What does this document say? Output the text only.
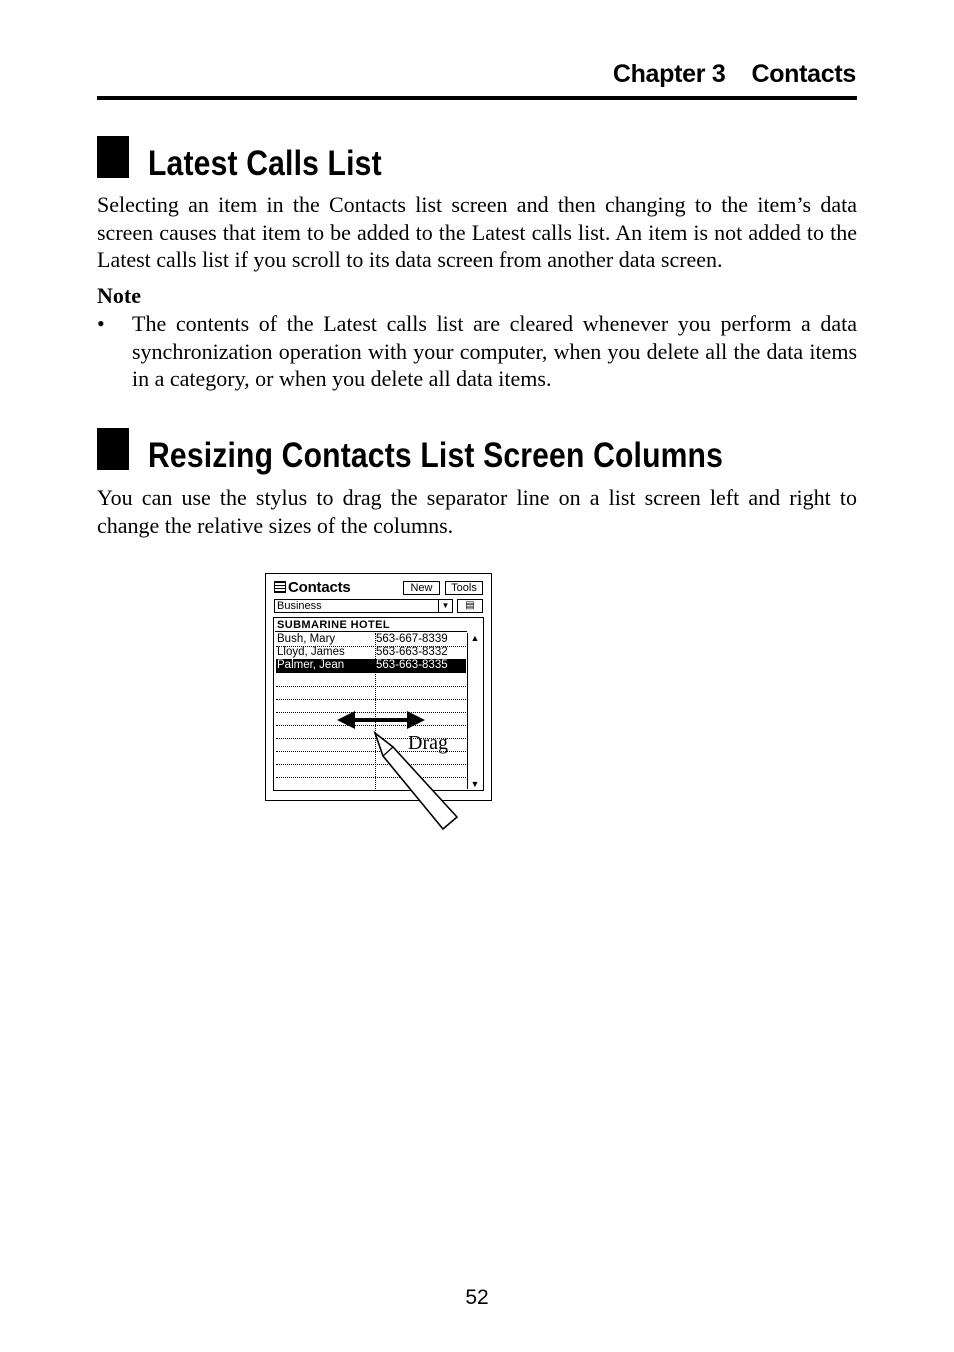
Chapter 3 Contacts
Latest Calls List
Selecting an item in the Contacts list screen and then changing to the item’s data screen causes that item to be added to the Latest calls list. An item is not added to the Latest calls list if you scroll to its data screen from another data screen.
Note
• The contents of the Latest calls list are cleared whenever you perform a data synchronization operation with your computer, when you delete all the data items in a category, or when you delete all data items.
Resizing Contacts List Screen Columns
You can use the stylus to drag the separator line on a list screen left and right to change the relative sizes of the columns.
Contacts	New	Tools
Business	▼	▤
SUBMARINE HOTEL
Bush, Mary	563-667-8339
Lloyd, James	563-663-8332
Palmer, Jean	563-663-8335
▲
▼
Drag
52
